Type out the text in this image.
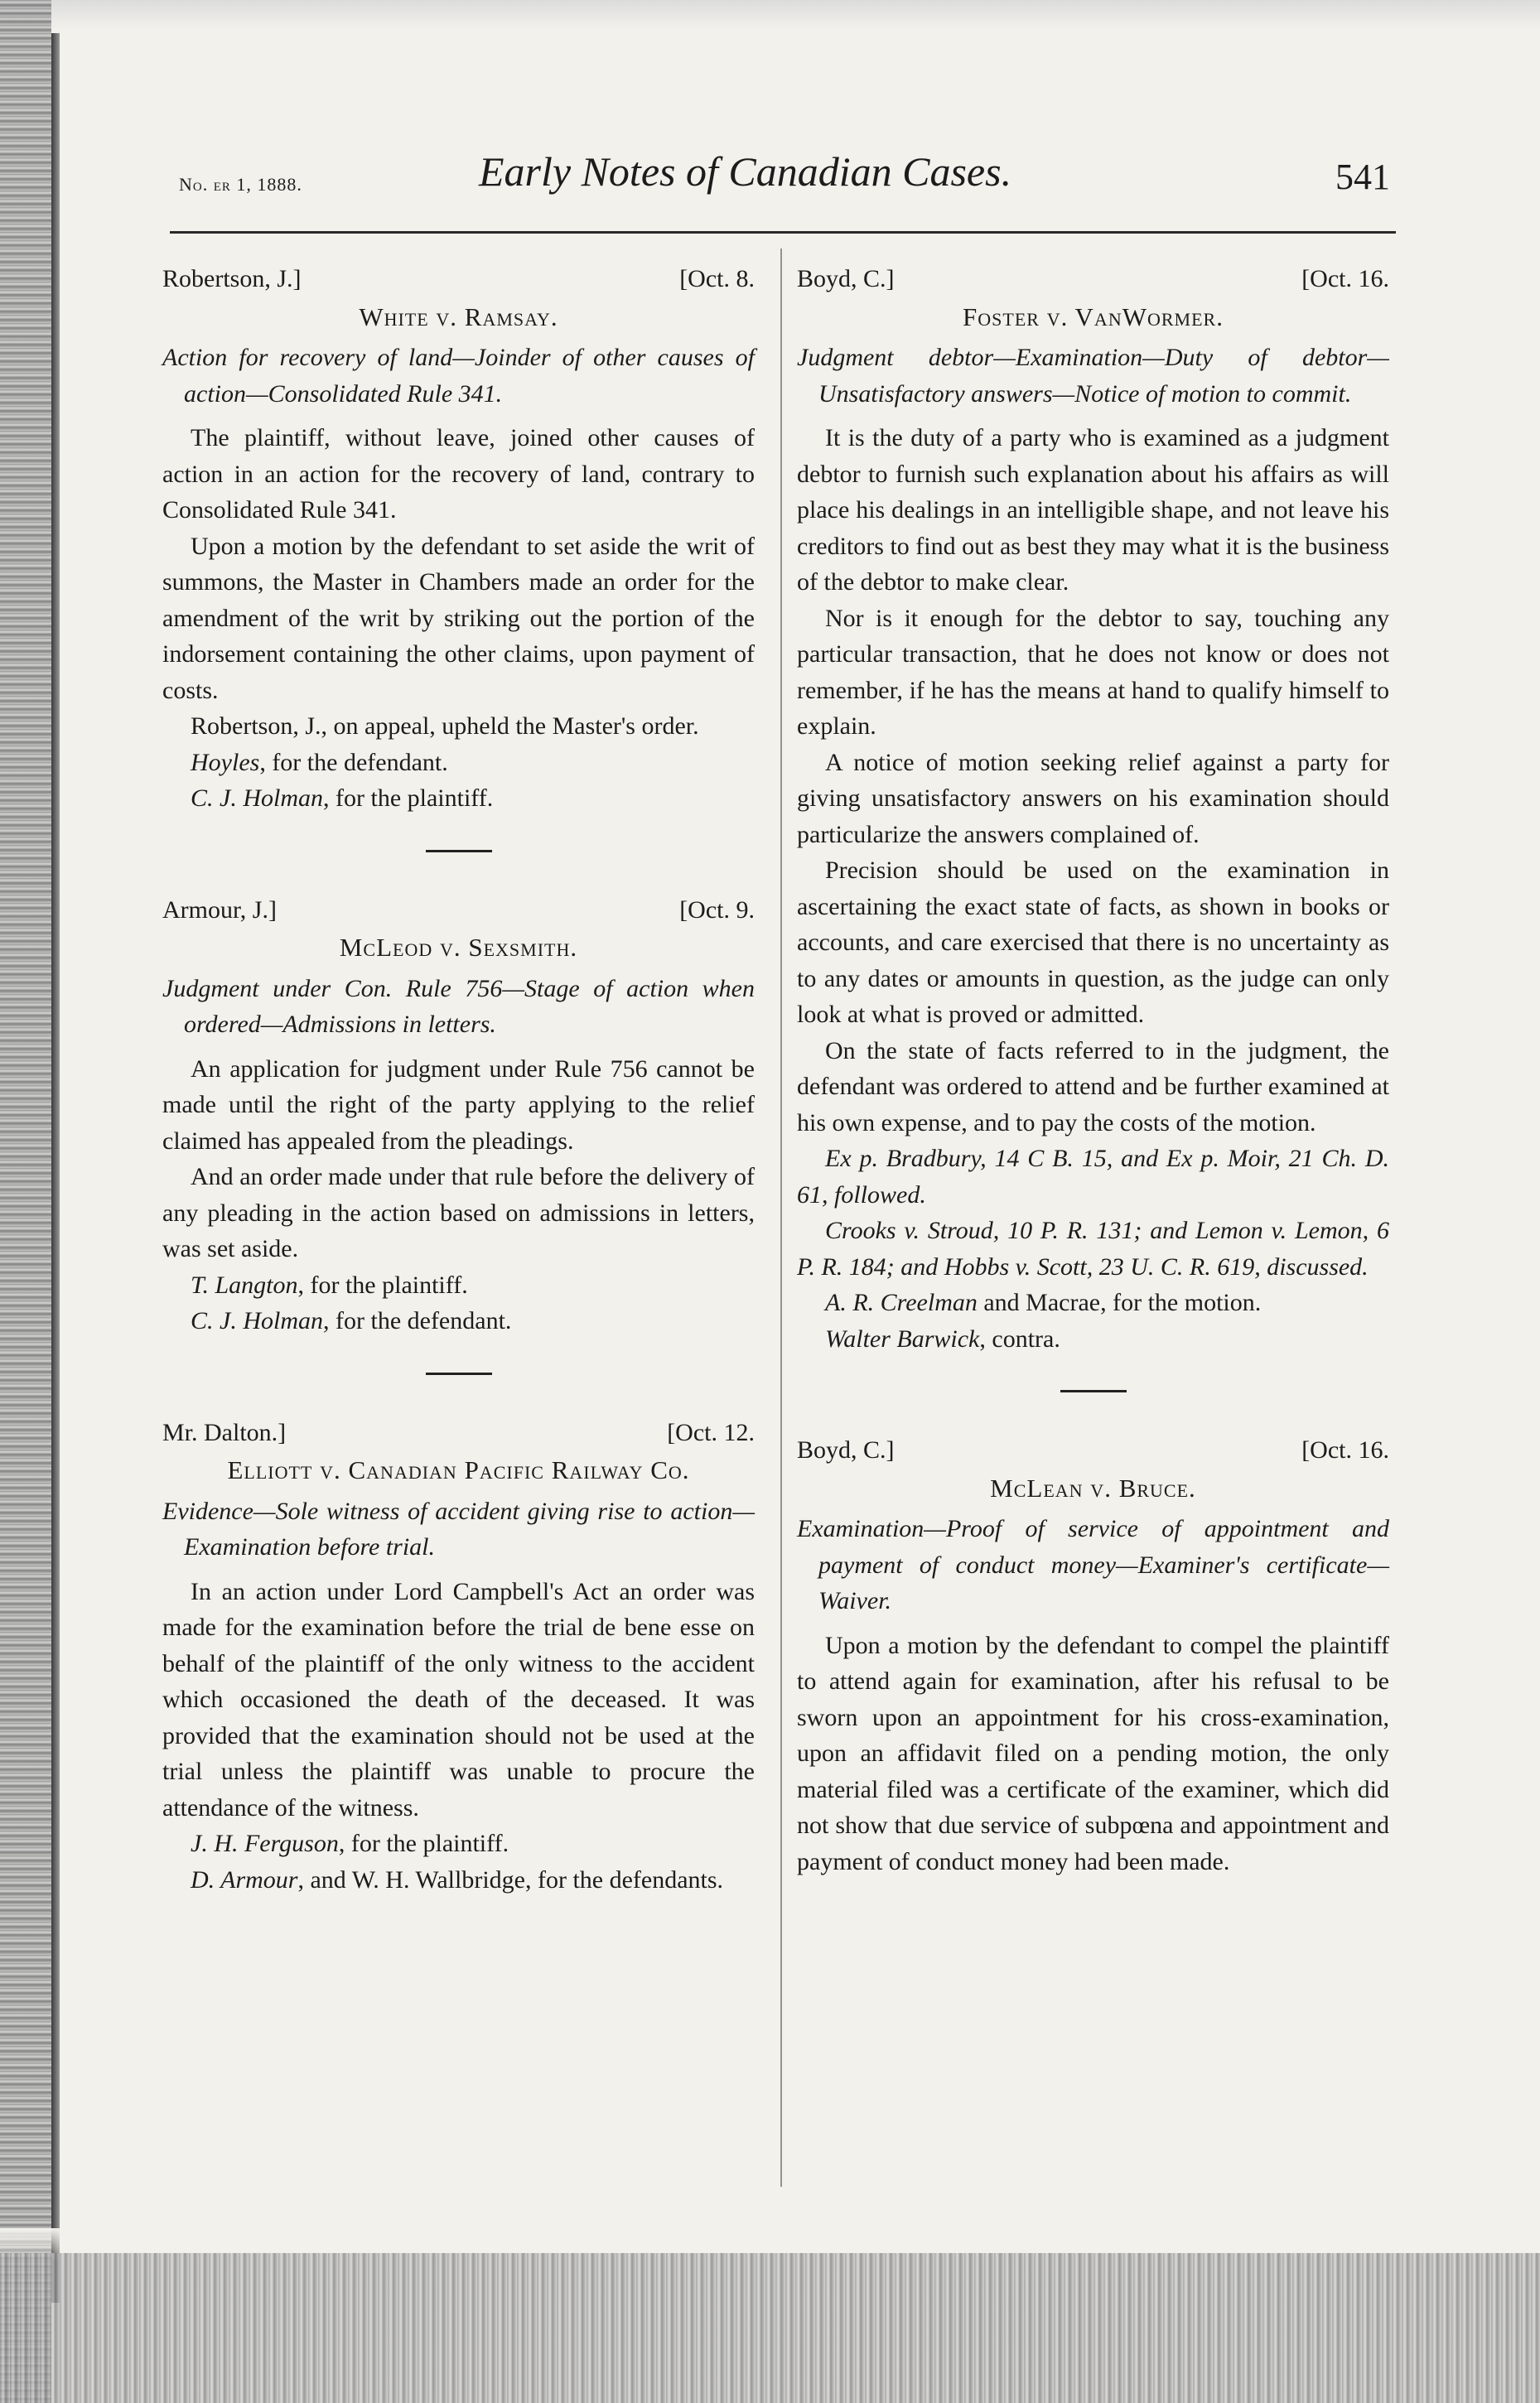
No. er 1, 1888.	Early Notes of Canadian Cases.	541
Robertson, J.]	[Oct. 8.
White v. Ramsay.

Action for recovery of land—Joinder of other causes of action—Consolidated Rule 341.

The plaintiff, without leave, joined other causes of action in an action for the recovery of land, contrary to Consolidated Rule 341.

Upon a motion by the defendant to set aside the writ of summons, the Master in Chambers made an order for the amendment of the writ by striking out the portion of the indorsement containing the other claims, upon payment of costs.

Robertson, J., on appeal, upheld the Master's order.

Hoyles, for the defendant.

C. J. Holman, for the plaintiff.

Armour, J.]	[Oct. 9.
McLeod v. Sexsmith.

Judgment under Con. Rule 756—Stage of action when ordered—Admissions in letters.

An application for judgment under Rule 756 cannot be made until the right of the party applying to the relief claimed has appealed from the pleadings.

And an order made under that rule before the delivery of any pleading in the action based on admissions in letters, was set aside.

T. Langton, for the plaintiff.

C. J. Holman, for the defendant.

Mr. Dalton.]	[Oct. 12.
Elliott v. Canadian Pacific Railway Co.

Evidence—Sole witness of accident giving rise to action—Examination before trial.

In an action under Lord Campbell's Act an order was made for the examination before the trial de bene esse on behalf of the plaintiff of the only witness to the accident which occasioned the death of the deceased. It was provided that the examination should not be used at the trial unless the plaintiff was unable to procure the attendance of the witness.

J. H. Ferguson, for the plaintiff.

D. Armour, and W. H. Wallbridge, for the defendants.

Boyd, C.]	[Oct. 16.
Foster v. VanWormer.

Judgment debtor—Examination—Duty of debtor—Unsatisfactory answers—Notice of motion to commit.

It is the duty of a party who is examined as a judgment debtor to furnish such explanation about his affairs as will place his dealings in an intelligible shape, and not leave his creditors to find out as best they may what it is the business of the debtor to make clear.

Nor is it enough for the debtor to say, touching any particular transaction, that he does not know or does not remember, if he has the means at hand to qualify himself to explain.

A notice of motion seeking relief against a party for giving unsatisfactory answers on his examination should particularize the answers complained of.

Precision should be used on the examination in ascertaining the exact state of facts, as shown in books or accounts, and care exercised that there is no uncertainty as to any dates or amounts in question, as the judge can only look at what is proved or admitted.

On the state of facts referred to in the judgment, the defendant was ordered to attend and be further examined at his own expense, and to pay the costs of the motion.

Ex p. Bradbury, 14 C B. 15, and Ex p. Moir, 21 Ch. D. 61, followed.

Crooks v. Stroud, 10 P. R. 131; and Lemon v. Lemon, 6 P. R. 184; and Hobbs v. Scott, 23 U. C. R. 619, discussed.

A. R. Creelman and Macrae, for the motion.

Walter Barwick, contra.

Boyd, C.]	[Oct. 16.
McLean v. Bruce.

Examination—Proof of service of appointment and payment of conduct money—Examiner's certificate—Waiver.

Upon a motion by the defendant to compel the plaintiff to attend again for examination, after his refusal to be sworn upon an appointment for his cross-examination, upon an affidavit filed on a pending motion, the only material filed was a certificate of the examiner, which did not show that due service of subpœna and appointment and payment of conduct money had been made.
